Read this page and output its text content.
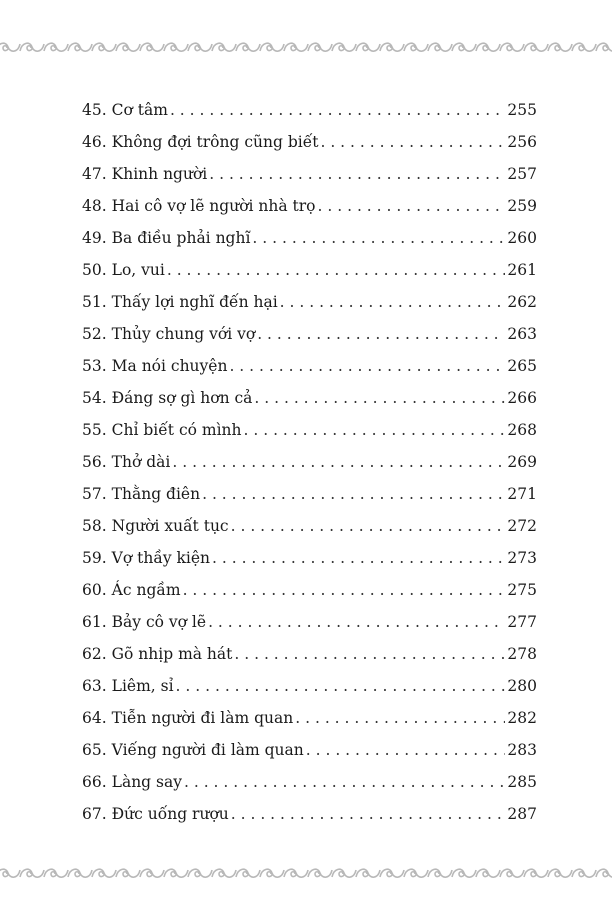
45. Cơ tâm . . .	255
46. Không đợi trông cũng biết . . .	256
47. Khinh người . . .	257
48. Hai cô vợ lẽ người nhà trọ . . .	259
49. Ba điều phải nghĩ . . .	260
50. Lo, vui . . .	261
51. Thấy lợi nghĩ đến hại . . .	262
52. Thủy chung với vợ . . .	263
53. Ma nói chuyện . . .	265
54. Đáng sợ gì hơn cả . . .	266
55. Chỉ biết có mình . . .	268
56. Thở dài . . .	269
57. Thằng điên . . .	271
58. Người xuất tục . . .	272
59. Vợ thầy kiện . . .	273
60. Ác ngầm . . .	275
61. Bảy cô vợ lẽ . . .	277
62. Gõ nhịp mà hát . . .	278
63. Liêm, sỉ . . .	280
64. Tiễn người đi làm quan . . .	282
65. Viếng người đi làm quan . . .	283
66. Làng say . . .	285
67. Đức uống rượu . . .	287
